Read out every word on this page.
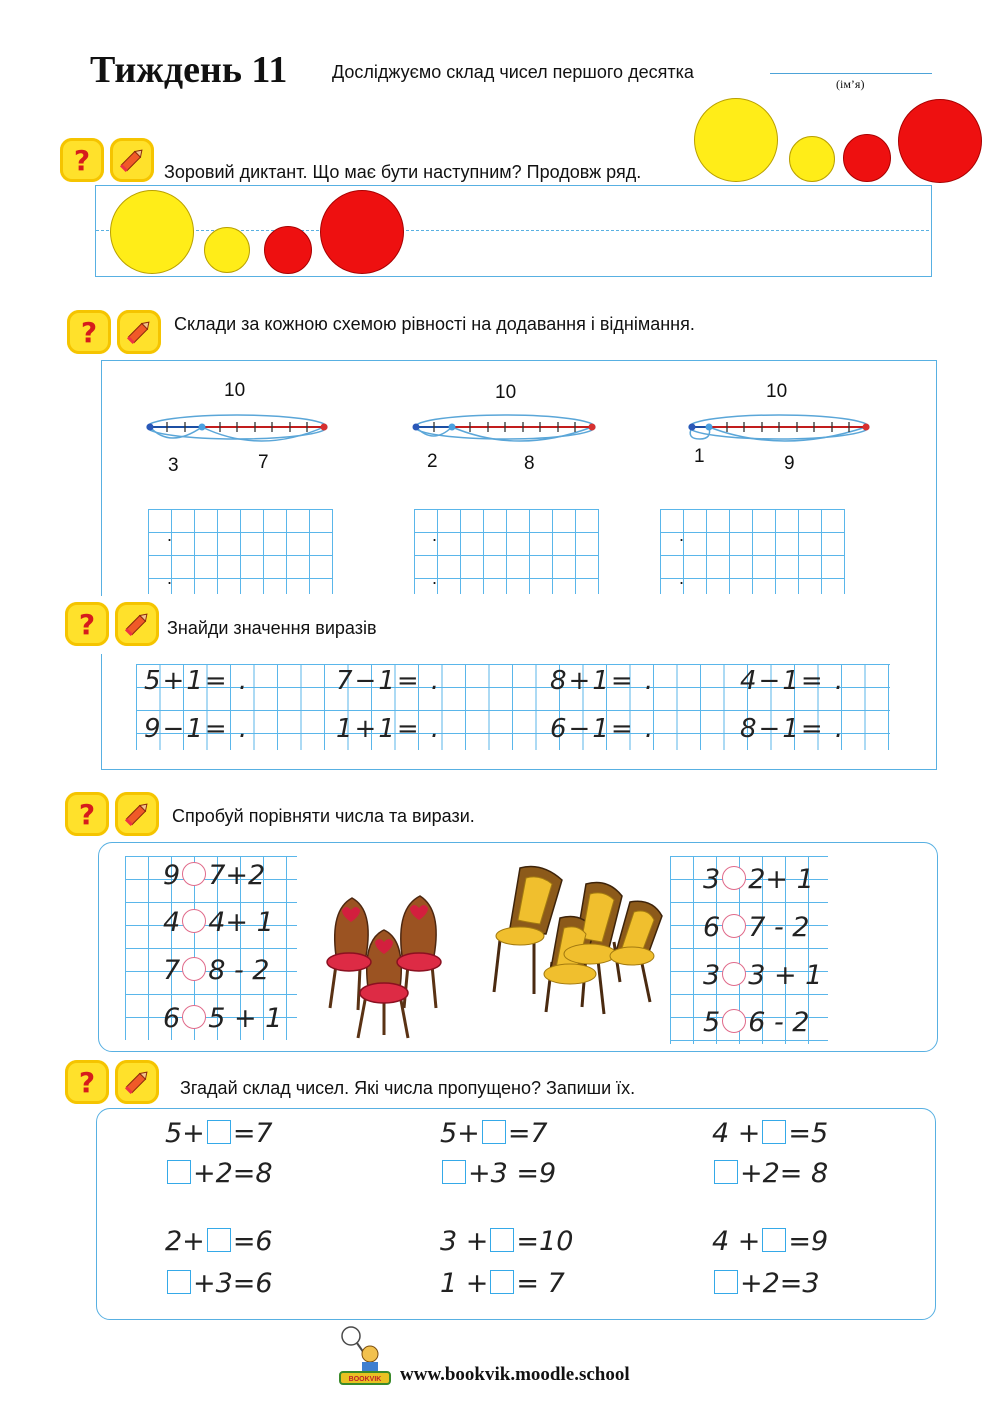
Тиждень 11 Досліджуємо склад чисел першого десятка
(ім’я)
?	Зоровий диктант. Що має бути наступним? Продовж ряд.
?	Склади за кожною схемою рівності на додавання і віднімання.
10
3	7
10
2	8
10
1	9
.
.
.
.
.
.
?	Знайди значення виразів
5+1= .	7−1= .	8+1= .	4−1= .
9−1= .	1+1= .	6−1= .	8−1= .
?	Спробуй порівняти числа та вирази.
9 7+2
4 4+ 1
7 8 - 2
6 5 + 1
3 2+ 1
6 7 - 2
3 3 + 1
5 6 - 2
?	Згадай склад чисел. Які числа пропущено? Запиши їх.
5+ =7	5+ =7	4 + =5
+2=8	+3 =9	+2= 8
2+ =6	3 + =10	4 + =9
+3=6	1 + = 7	+2=3
BOOKVIK www.bookvik.moodle.school
